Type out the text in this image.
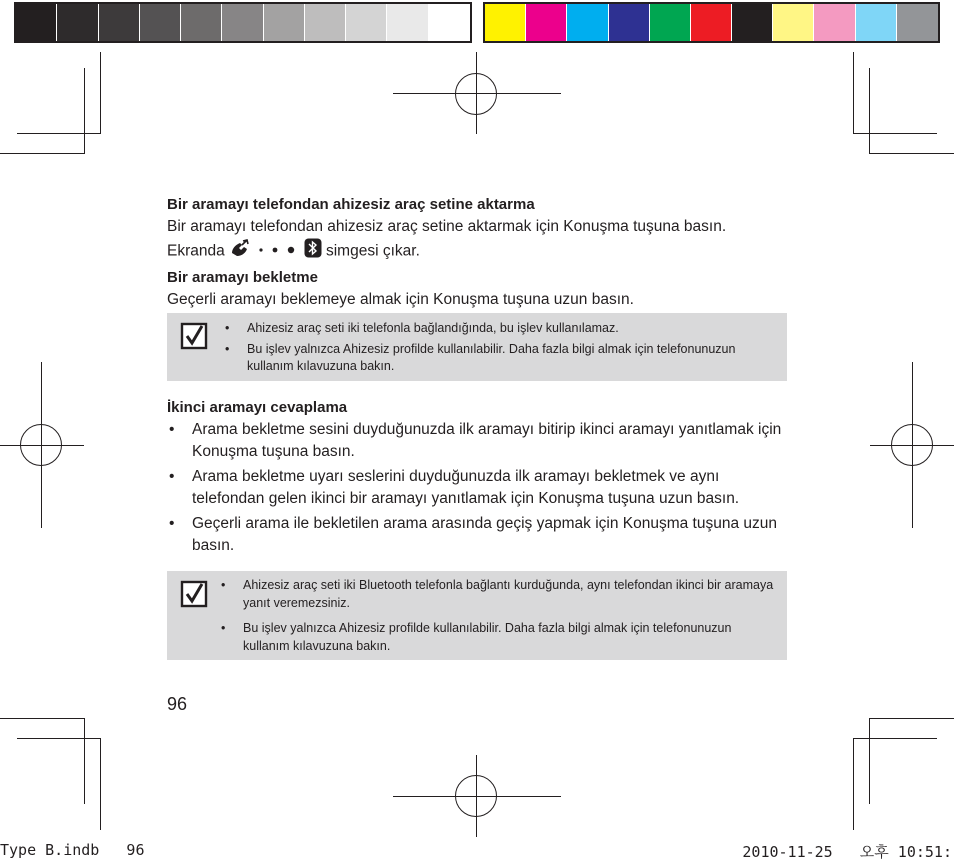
Bir aramayı telefondan ahizesiz araç setine aktarma
Bir aramayı telefondan ahizesiz araç setine aktarmak için Konuşma tuşuna basın.
Ekranda	simgesi çıkar.
Bir aramayı bekletme
Geçerli aramayı beklemeye almak için Konuşma tuşuna uzun basın.
• Ahizesiz araç seti iki telefonla bağlandığında, bu işlev kullanılamaz.
• Bu işlev yalnızca Ahizesiz profilde kullanılabilir. Daha fazla bilgi almak için telefonunuzun kullanım kılavuzuna bakın.
İkinci aramayı cevaplama
• Arama bekletme sesini duyduğunuzda ilk aramayı bitirip ikinci aramayı yanıtlamak için Konuşma tuşuna basın.
• Arama bekletme uyarı seslerini duyduğunuzda ilk aramayı bekletmek ve aynı telefondan gelen ikinci bir aramayı yanıtlamak için Konuşma tuşuna uzun basın.
• Geçerli arama ile bekletilen arama arasında geçiş yapmak için Konuşma tuşuna uzun basın.
• Ahizesiz araç seti iki Bluetooth telefonla bağlantı kurduğunda, aynı telefondan ikinci bir aramaya yanıt veremezsiniz.
• Bu işlev yalnızca Ahizesiz profilde kullanılabilir. Daha fazla bilgi almak için telefonunuzun kullanım kılavuzuna bakın.
96
Type B.indb   96	2010-11-25   오후 10:51:
